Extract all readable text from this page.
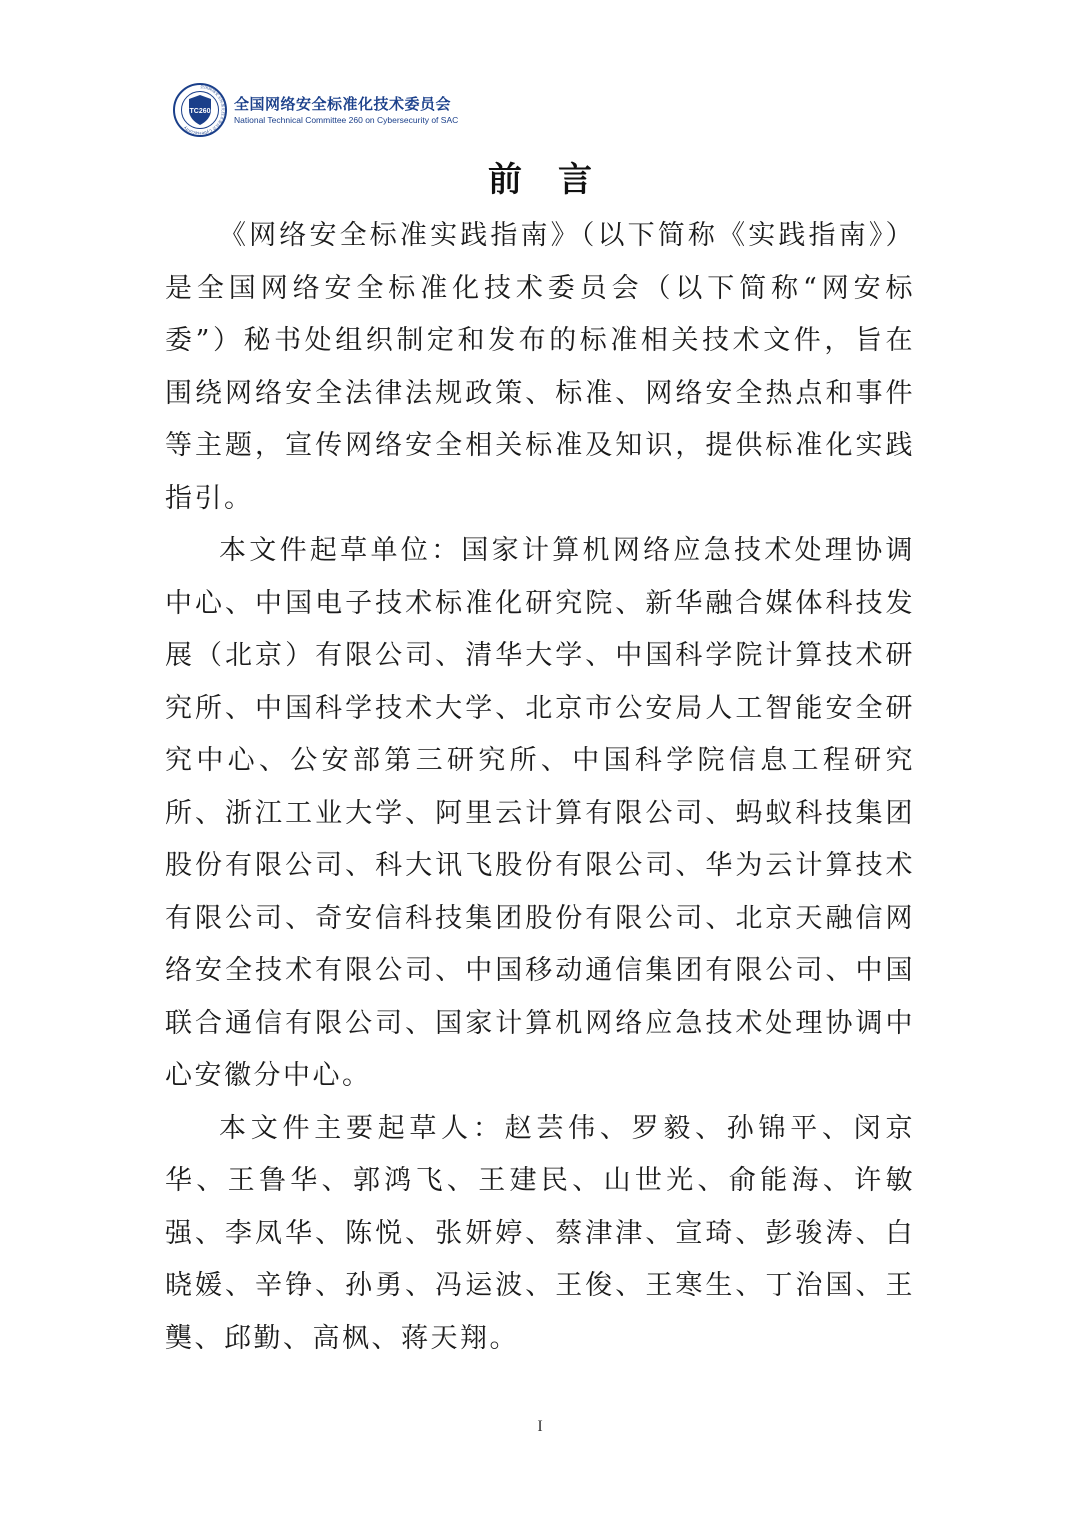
TC260
全国网络安全标准化技术委员会 Cybersecurity
全国网络安全标准化技术委员会
National Technical Committee 260 on Cybersecurity of SAC
前言

《网络安全标准实践指南》（以下简称《实践指南》）是全国网络安全标准化技术委员会（以下简称“网安标委”）秘书处组织制定和发布的标准相关技术文件，旨在围绕网络安全法律法规政策、标准、网络安全热点和事件等主题，宣传网络安全相关标准及知识，提供标准化实践指引。

本文件起草单位：国家计算机网络应急技术处理协调中心、中国电子技术标准化研究院、新华融合媒体科技发展（北京）有限公司、清华大学、中国科学院计算技术研究所、中国科学技术大学、北京市公安局人工智能安全研究中心、公安部第三研究所、中国科学院信息工程研究所、浙江工业大学、阿里云计算有限公司、蚂蚁科技集团股份有限公司、科大讯飞股份有限公司、华为云计算技术有限公司、奇安信科技集团股份有限公司、北京天融信网络安全技术有限公司、中国移动通信集团有限公司、中国联合通信有限公司、国家计算机网络应急技术处理协调中心安徽分中心。

本文件主要起草人：赵芸伟、罗毅、孙锦平、闵京华、王鲁华、郭鸿飞、王建民、山世光、俞能海、许敏强、李凤华、陈悦、张妍婷、蔡津津、宣琦、彭骏涛、白晓媛、辛铮、孙勇、冯运波、王俊、王寒生、丁治国、王龑、邱勤、高枫、蒋天翔。

I
